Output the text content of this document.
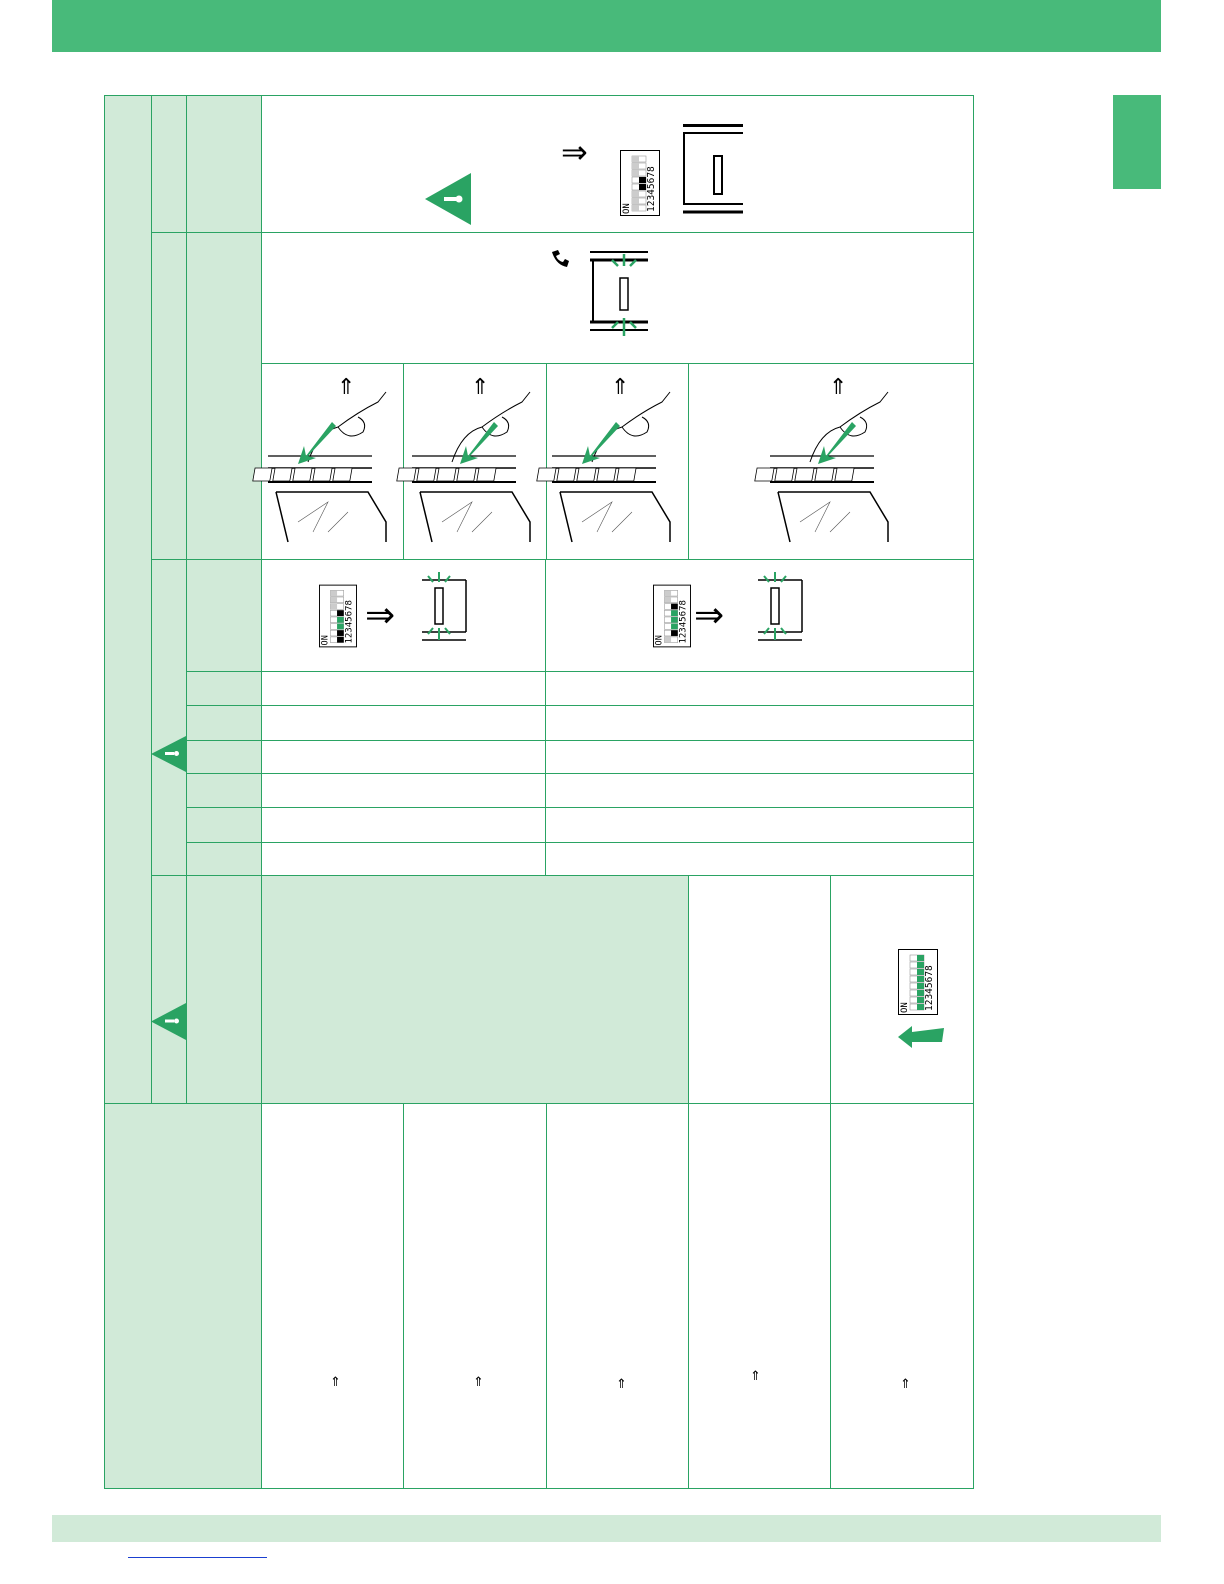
⇒
12345678
ON
⇑	⇑	⇑	⇑
12345678
ON
⇒	12345678
ON
⇒
12345678
ON
⇑	⇑	⇑
⇑
⇑
